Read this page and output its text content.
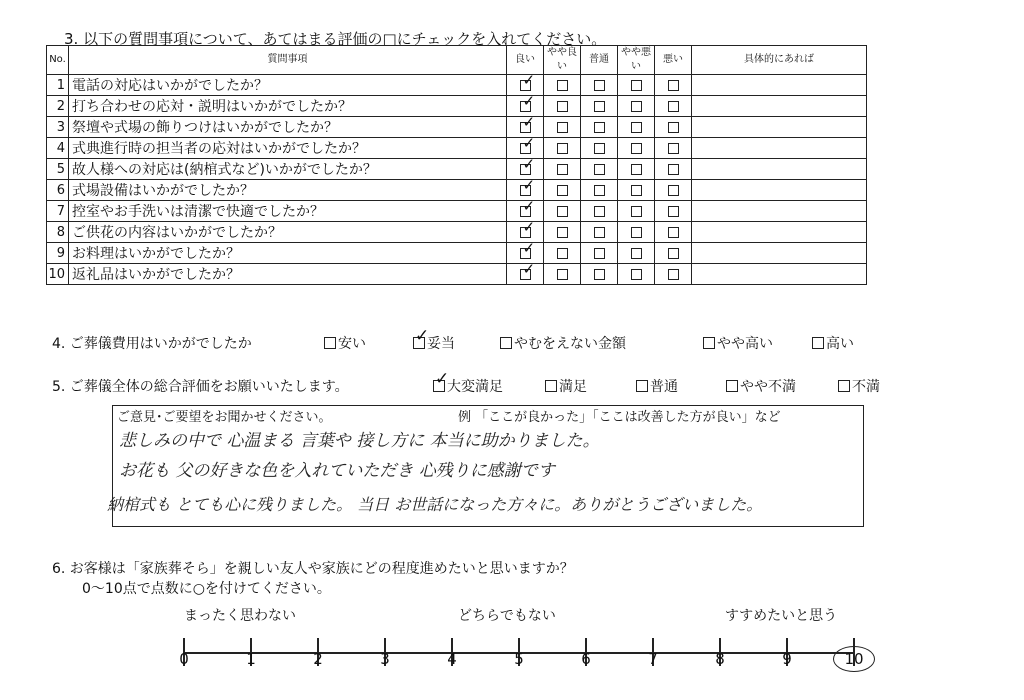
3. 以下の質問事項について、あてはまる評価の□にチェックを入れてください。
No.	質問事項	良い	やや良い	普通	やや悪い	悪い	具体的にあれば
1	電話の対応はいかがでしたか？	✓					

2	打ち合わせの応対・説明はいかがでしたか？	✓					

3	祭壇や式場の飾りつけはいかがでしたか？	✓					

4	式典進行時の担当者の応対はいかがでしたか？	✓					

5	故人様への対応は(納棺式など)いかがでしたか？	✓					

6	式場設備はいかがでしたか？	✓					

7	控室やお手洗いは清潔で快適でしたか？	✓					

8	ご供花の内容はいかがでしたか？	✓					

9	お料理はいかがでしたか？	✓					

10	返礼品はいかがでしたか？	✓					

4. ご葬儀費用はいかがでしたか	安い	✓
妥当	やむをえない金額	やや高い	高い
5. ご葬儀全体の総合評価をお願いいたします。	✓
大変満足	満足	普通	やや不満	不満
ご意見･ご要望をお聞かせください。	例 「ここが良かった」「ここは改善した方が良い」など
悲しみの中で 心温まる 言葉や 接し方に 本当に助かりました。
お花も 父の好きな色を入れていただき 心残りに感謝です
納棺式も とても心に残りました。 当日 お世話になった方々に。ありがとうございました。
6. お客様は「家族葬そら」を親しい友人や家族にどの程度進めたいと思いますか？
0～10点で点数に○を付けてください。
まったく思わない	どちらでもない	すすめたいと思う
0	1	2	3	4	5	6	7	8	9	10
